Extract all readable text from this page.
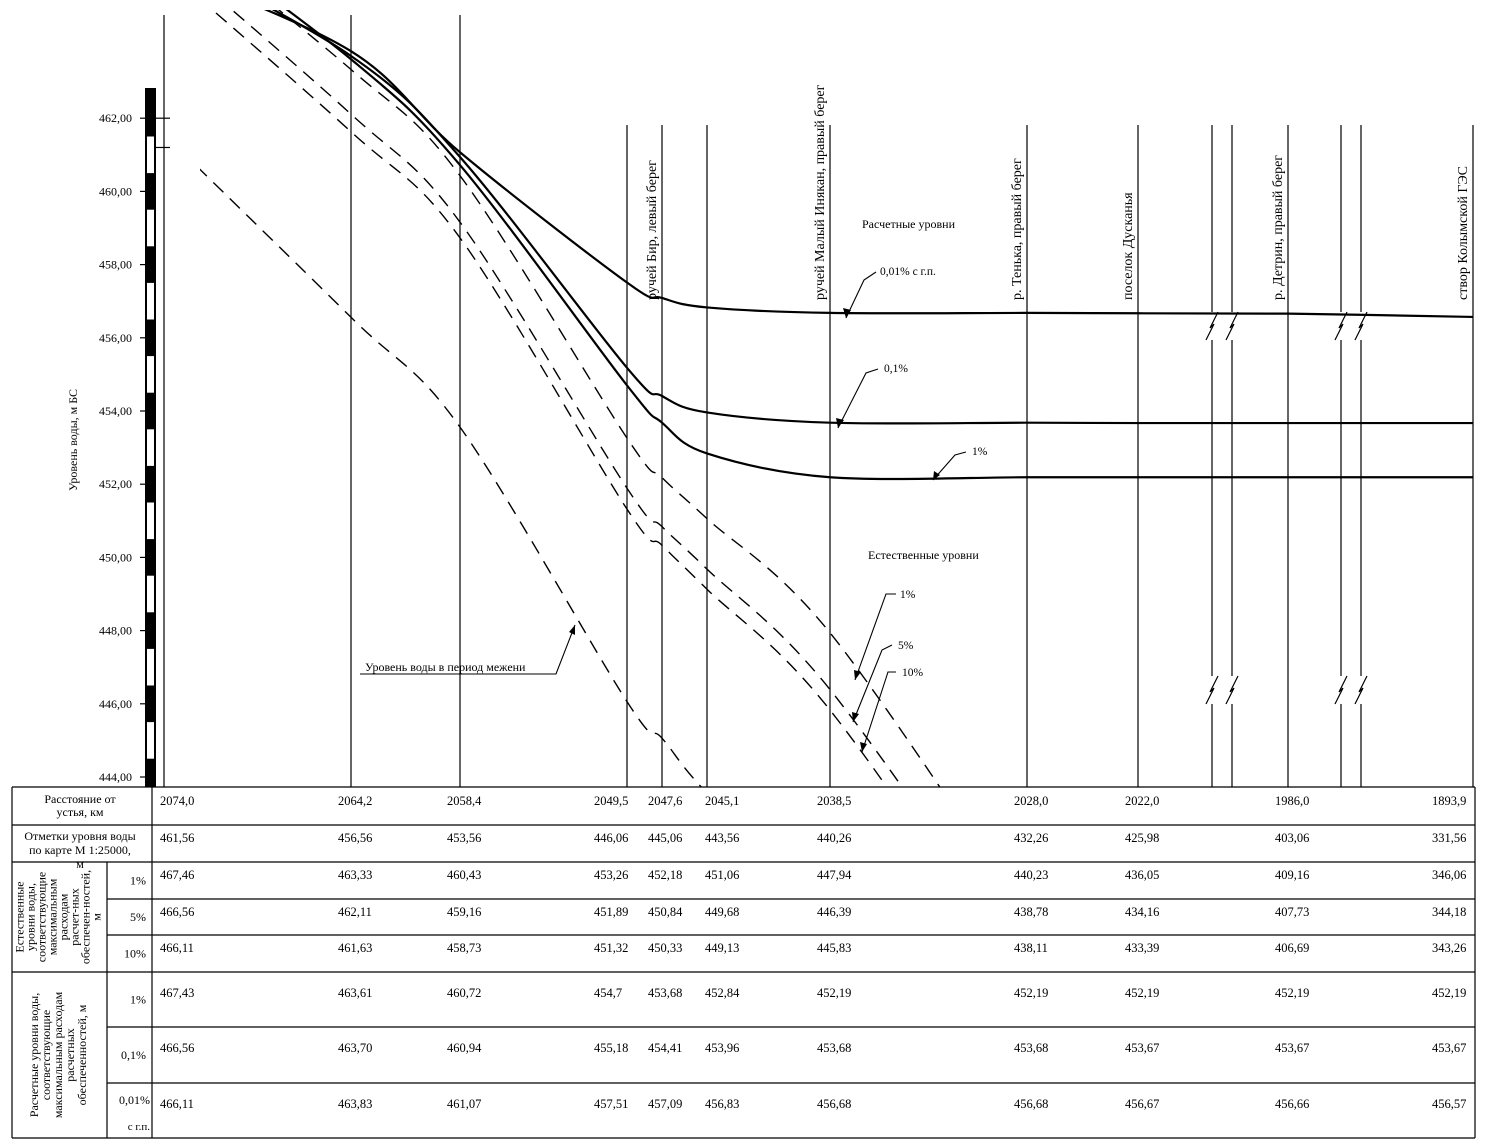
444,00
446,00
448,00
450,00
452,00
454,00
456,00
458,00
460,00
462,00
Уровень воды, м БС
ручей Бир, левый берег	ручей Малый Инякан, правый берег	р. Тенька, правый берег	поселок Дусканья	р. Детрин, правый берег	створ Колымской ГЭС
Расчетные уровни
Естественные уровни
0,01% с г.п.
0,1%
1%
1%
5%
10%
Уровень воды в период межени
Расстояние от устья, км
Отметки уровня воды по карте М 1:25000, м
Естественныеуровни воды,соответствующиемаксимальнымрасходамрасчет-ныхобеспечен-ностей,м
Расчетные уровни воды,соответствующиемаксимальным расходамрасчетныхобеспеченностей, м
1%
5%
10%
1%
0,1%
0,01%
с г.п.
2074,0	2064,2	2058,4	2049,5 2047,6 2045,1	2038,5	2028,0	2022,0	1986,0	1893,9
461,56	456,56	453,56	446,06 445,06 443,56	440,26	432,26	425,98	403,06	331,56
467,46	463,33	460,43	453,26 452,18 451,06	447,94	440,23	436,05	409,16	346,06
466,56	462,11	459,16	451,89 450,84 449,68	446,39	438,78	434,16	407,73	344,18
466,11	461,63	458,73	451,32 450,33 449,13	445,83	438,11	433,39	406,69	343,26
467,43	463,61	460,72	454,7 453,68 452,84	452,19	452,19	452,19	452,19	452,19
466,56	463,70	460,94	455,18 454,41 453,96	453,68	453,68	453,67	453,67	453,67
466,11	463,83	461,07	457,51 457,09 456,83	456,68	456,68	456,67	456,66	456,57
